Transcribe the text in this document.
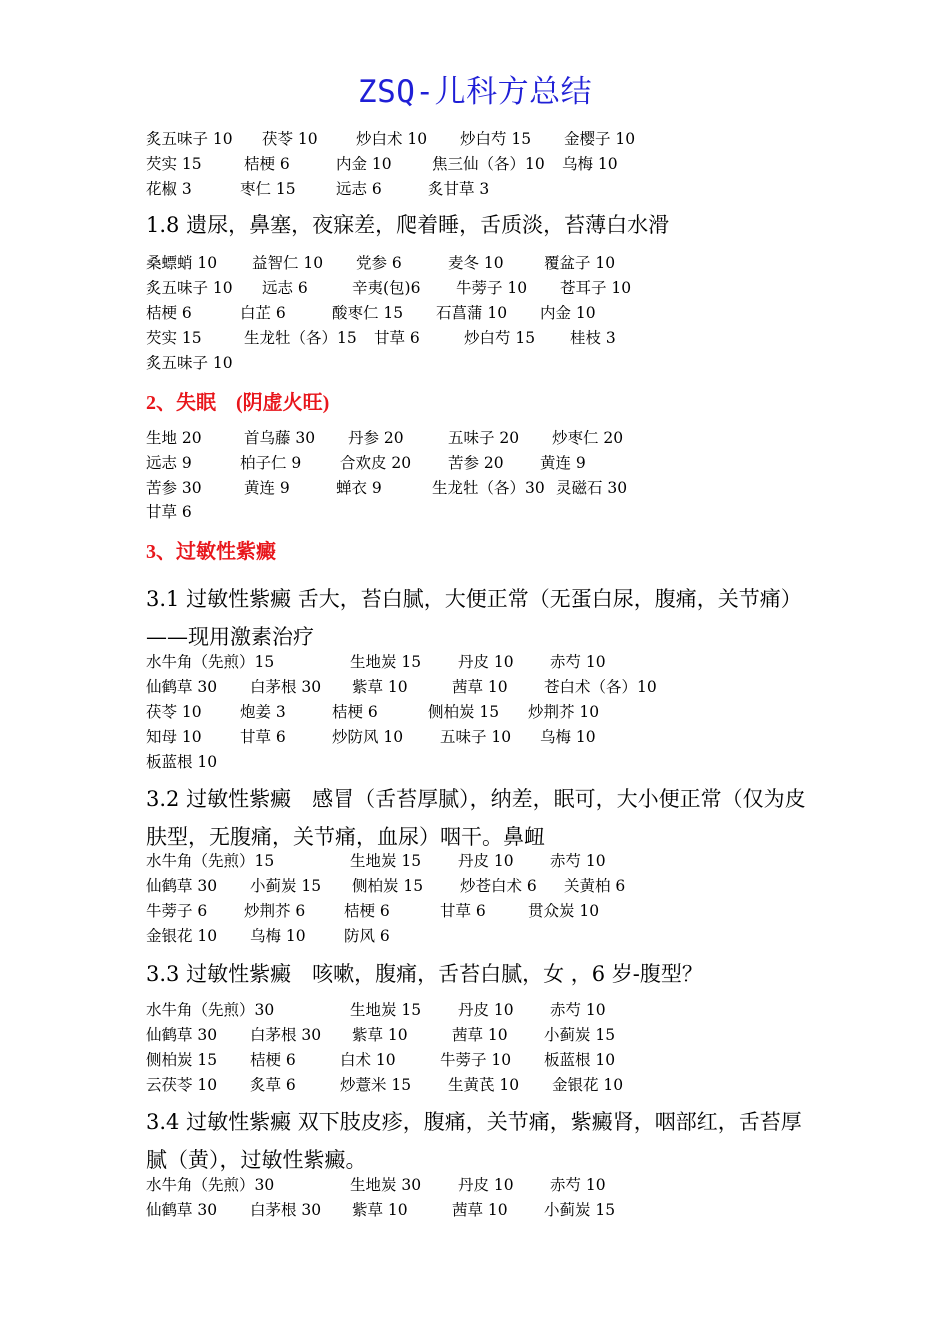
ZSQ-儿科方总结
炙五味子 10 茯苓 10 炒白术 10 炒白芍 15 金樱子 10
芡实 15	桔梗 6	内金 10	焦三仙（各）10 乌梅 10
花椒 3	枣仁 15	远志 6	炙甘草 3
1.8 遗尿，鼻塞，夜寐差，爬着睡，舌质淡，苔薄白水滑
桑螵蛸 10 益智仁 10 党参 6	麦冬 10	覆盆子 10
炙五味子 10 远志 6	辛夷(包)6 牛蒡子 10 苍耳子 10
桔梗 6	白芷 6	酸枣仁 15 石菖蒲 10 内金 10
芡实 15	生龙牡（各）15 甘草 6	炒白芍 15 桂枝 3
炙五味子 10
2、失眠　(阴虚火旺)
生地 20	首乌藤 30 丹参 20	五味子 20 炒枣仁 20
远志 9	柏子仁 9 合欢皮 20 苦参 20 黄连 9
苦参 30	黄连 9	蝉衣 9	生龙牡（各）30 灵磁石 30
甘草 6
3、过敏性紫癜
3.1 过敏性紫癜 舌大，苔白腻，大便正常（无蛋白尿，腹痛，关节痛）
——现用激素治疗
水牛角（先煎）15	生地炭 15 丹皮 10 赤芍 10
仙鹤草 30 白茅根 30 紫草 10	茜草 10 苍白术（各）10
茯苓 10 炮姜 3	桔梗 6	侧柏炭 15 炒荆芥 10
知母 10 甘草 6	炒防风 10 五味子 10 乌梅 10
板蓝根 10
3.2 过敏性紫癜　感冒（舌苔厚腻），纳差，眠可，大小便正常（仅为皮
肤型，无腹痛，关节痛，血尿）咽干。鼻衄
水牛角（先煎）15	生地炭 15 丹皮 10 赤芍 10
仙鹤草 30 小蓟炭 15 侧柏炭 15 炒苍白术 6 关黄柏 6
牛蒡子 6 炒荆芥 6 桔梗 6	甘草 6	贯众炭 10
金银花 10 乌梅 10 防风 6
3.3 过敏性紫癜　咳嗽，腹痛，舌苔白腻，女 ，6 岁-腹型？
水牛角（先煎）30	生地炭 15 丹皮 10 赤芍 10
仙鹤草 30 白茅根 30 紫草 10	茜草 10 小蓟炭 15
侧柏炭 15 桔梗 6	白术 10	牛蒡子 10 板蓝根 10
云茯苓 10 炙草 6	炒薏米 15 生黄芪 10 金银花 10
3.4 过敏性紫癜 双下肢皮疹，腹痛，关节痛，紫癜肾，咽部红，舌苔厚
腻（黄），过敏性紫癜。
水牛角（先煎）30	生地炭 30 丹皮 10 赤芍 10
仙鹤草 30 白茅根 30 紫草 10	茜草 10 小蓟炭 15
